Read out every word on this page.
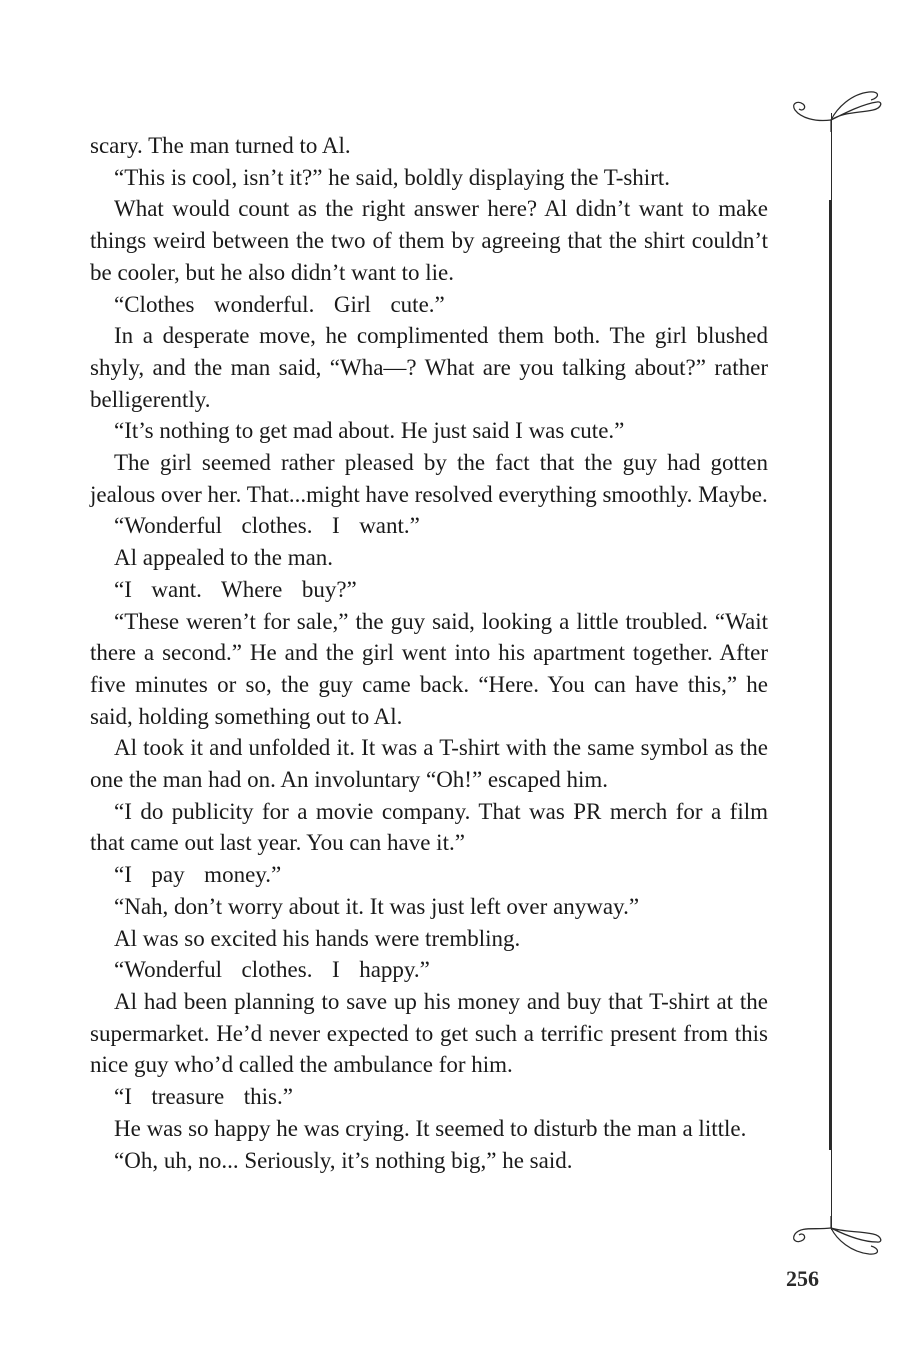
scary. The man turned to Al.

“This is cool, isn’t it?” he said, boldly displaying the T-shirt.

What would count as the right answer here? Al didn’t want to make things weird between the two of them by agreeing that the shirt couldn’t be cooler, but he also didn’t want to lie.

“Clothes wonderful. Girl cute.”

In a desperate move, he complimented them both. The girl blushed shyly, and the man said, “Wha—? What are you talking about?” rather belligerently.

“It’s nothing to get mad about. He just said I was cute.”

The girl seemed rather pleased by the fact that the guy had gotten jealous over her. That...might have resolved everything smoothly. Maybe.

“Wonderful clothes. I want.”

Al appealed to the man.

“I want. Where buy?”

“These weren’t for sale,” the guy said, looking a little troubled. “Wait there a second.” He and the girl went into his apartment together. After five minutes or so, the guy came back. “Here. You can have this,” he said, holding something out to Al.

Al took it and unfolded it. It was a T-shirt with the same symbol as the one the man had on. An involuntary “Oh!” escaped him.

“I do publicity for a movie company. That was PR merch for a film that came out last year. You can have it.”

“I pay money.”

“Nah, don’t worry about it. It was just left over anyway.”

Al was so excited his hands were trembling.

“Wonderful clothes. I happy.”

Al had been planning to save up his money and buy that T-shirt at the supermarket. He’d never expected to get such a terrific present from this nice guy who’d called the ambulance for him.

“I treasure this.”

He was so happy he was crying. It seemed to disturb the man a little.

“Oh, uh, no... Seriously, it’s nothing big,” he said.

256
